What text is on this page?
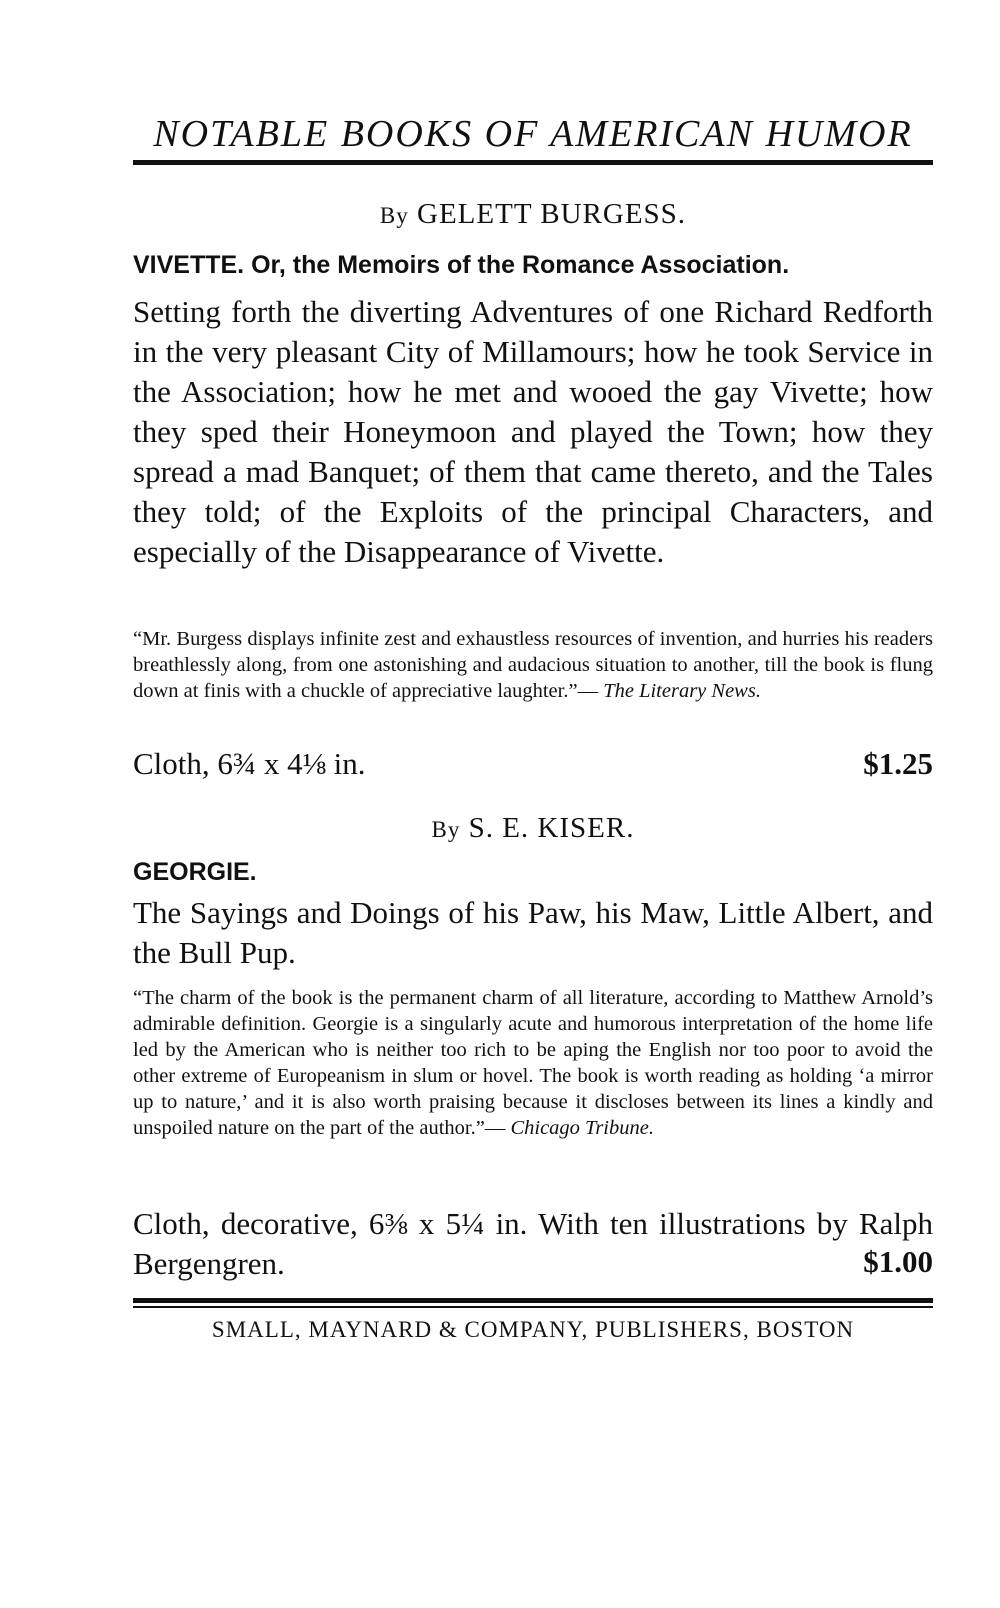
NOTABLE BOOKS OF AMERICAN HUMOR
By GELETT BURGESS.
VIVETTE. Or, the Memoirs of the Romance Association.
Setting forth the diverting Adventures of one Richard Redforth in the very pleasant City of Millamours; how he took Service in the Association; how he met and wooed the gay Vivette; how they sped their Honeymoon and played the Town; how they spread a mad Banquet; of them that came thereto, and the Tales they told; of the Exploits of the principal Characters, and especially of the Disappearance of Vivette.
“Mr. Burgess displays infinite zest and exhaustless resources of invention, and hurries his readers breathlessly along, from one astonishing and audacious situation to another, till the book is flung down at finis with a chuckle of appreciative laughter.”— The Literary News.
Cloth, 6¾ x 4⅛ in.	$1.25
By S. E. KISER.
GEORGIE.
The Sayings and Doings of his Paw, his Maw, Little Albert, and the Bull Pup.
“The charm of the book is the permanent charm of all literature, according to Matthew Arnold’s admirable definition. Georgie is a singularly acute and humorous interpretation of the home life led by the American who is neither too rich to be aping the English nor too poor to avoid the other extreme of Europeanism in slum or hovel. The book is worth reading as holding ‘a mirror up to nature,’ and it is also worth praising because it discloses between its lines a kindly and unspoiled nature on the part of the author.”— Chicago Tribune.
Cloth, decorative, 6⅜ x 5¼ in. With ten illustrations by Ralph Bergengren.	$1.00
SMALL, MAYNARD & COMPANY, PUBLISHERS, BOSTON
